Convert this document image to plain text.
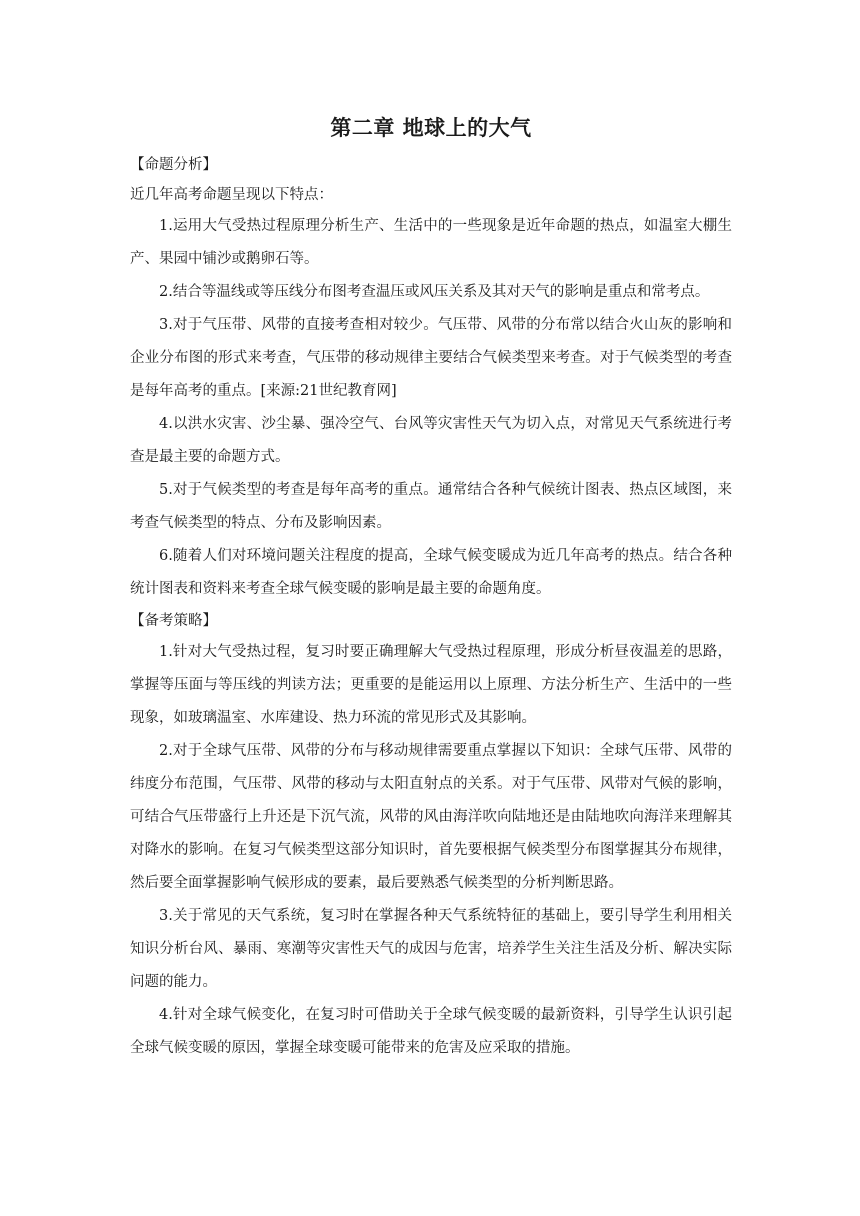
第二章 地球上的大气

【命题分析】

近几年高考命题呈现以下特点：

1.运用大气受热过程原理分析生产、生活中的一些现象是近年命题的热点，如温室大棚生产、果园中铺沙或鹅卵石等。

2.结合等温线或等压线分布图考查温压或风压关系及其对天气的影响是重点和常考点。

3.对于气压带、风带的直接考查相对较少。气压带、风带的分布常以结合火山灰的影响和企业分布图的形式来考查，气压带的移动规律主要结合气候类型来考查。对于气候类型的考查是每年高考的重点。[来源:21世纪教育网]

4.以洪水灾害、沙尘暴、强冷空气、台风等灾害性天气为切入点，对常见天气系统进行考查是最主要的命题方式。

5.对于气候类型的考查是每年高考的重点。通常结合各种气候统计图表、热点区域图，来考查气候类型的特点、分布及影响因素。

6.随着人们对环境问题关注程度的提高，全球气候变暖成为近几年高考的热点。结合各种统计图表和资料来考查全球气候变暖的影响是最主要的命题角度。

【备考策略】

1.针对大气受热过程，复习时要正确理解大气受热过程原理，形成分析昼夜温差的思路，掌握等压面与等压线的判读方法；更重要的是能运用以上原理、方法分析生产、生活中的一些现象，如玻璃温室、水库建设、热力环流的常见形式及其影响。

2.对于全球气压带、风带的分布与移动规律需要重点掌握以下知识：全球气压带、风带的纬度分布范围，气压带、风带的移动与太阳直射点的关系。对于气压带、风带对气候的影响，可结合气压带盛行上升还是下沉气流，风带的风由海洋吹向陆地还是由陆地吹向海洋来理解其对降水的影响。在复习气候类型这部分知识时，首先要根据气候类型分布图掌握其分布规律，然后要全面掌握影响气候形成的要素，最后要熟悉气候类型的分析判断思路。

3.关于常见的天气系统，复习时在掌握各种天气系统特征的基础上，要引导学生利用相关知识分析台风、暴雨、寒潮等灾害性天气的成因与危害，培养学生关注生活及分析、解决实际问题的能力。

4.针对全球气候变化，在复习时可借助关于全球气候变暖的最新资料，引导学生认识引起全球气候变暖的原因，掌握全球变暖可能带来的危害及应采取的措施。
